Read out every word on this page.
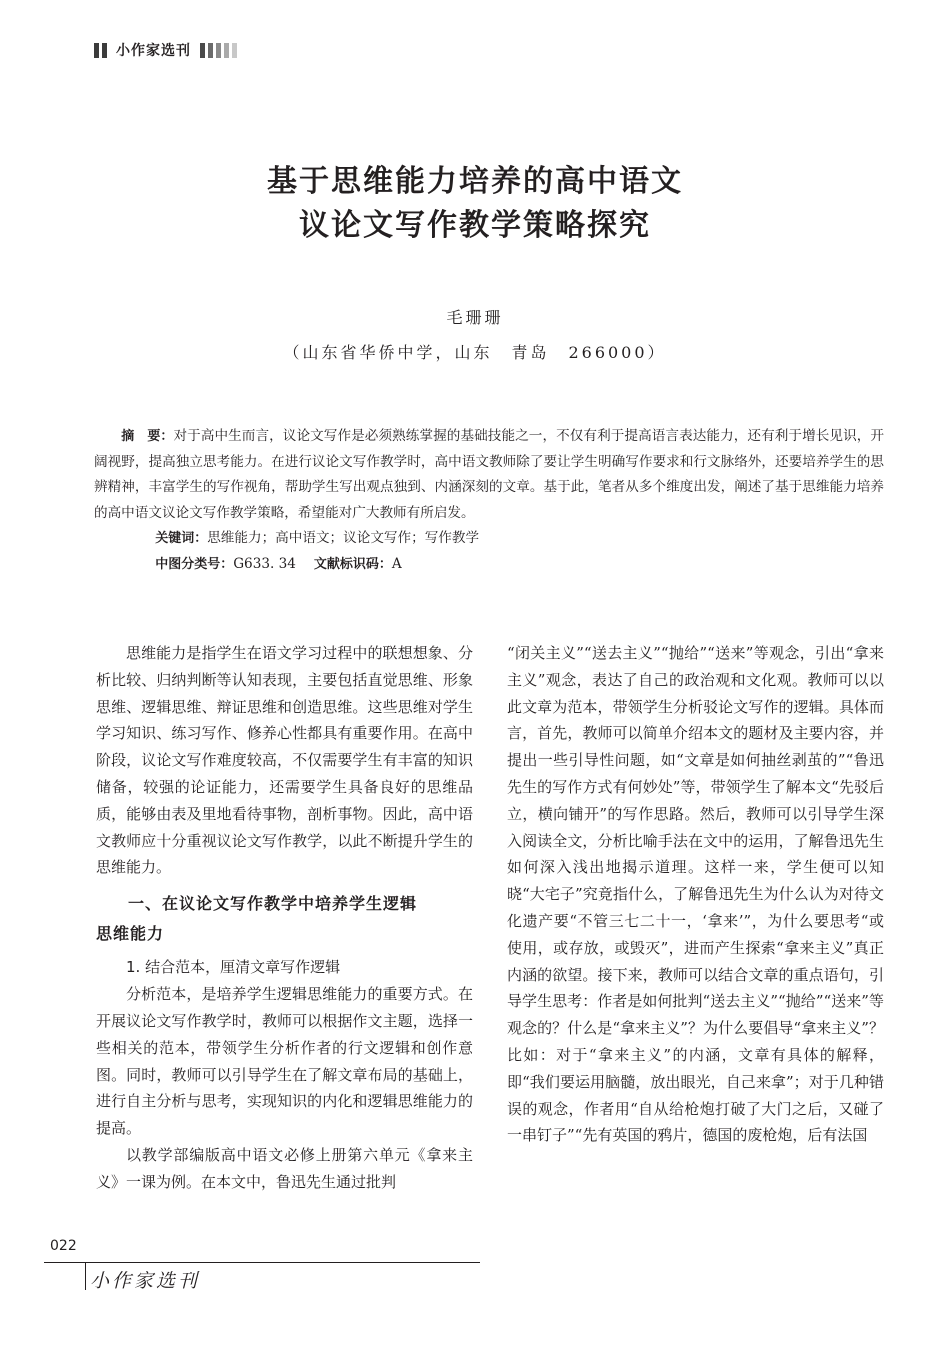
小作家选刊
基于思维能力培养的高中语文
议论文写作教学策略探究
毛珊珊
（山东省华侨中学，山东　青岛　266000）

摘　要：对于高中生而言，议论文写作是必须熟练掌握的基础技能之一，不仅有利于提高语言表达能力，还有利于增长见识，开阔视野，提高独立思考能力。在进行议论文写作教学时，高中语文教师除了要让学生明确写作要求和行文脉络外，还要培养学生的思辨精神，丰富学生的写作视角，帮助学生写出观点独到、内涵深刻的文章。基于此，笔者从多个维度出发，阐述了基于思维能力培养的高中语文议论文写作教学策略，希望能对广大教师有所启发。

关键词：思维能力；高中语文；议论文写作；写作教学

中图分类号：G633. 34　 文献标识码：A

思维能力是指学生在语文学习过程中的联想想象、分析比较、归纳判断等认知表现，主要包括直觉思维、形象思维、逻辑思维、辩证思维和创造思维。这些思维对学生学习知识、练习写作、修养心性都具有重要作用。在高中阶段，议论文写作难度较高，不仅需要学生有丰富的知识储备，较强的论证能力，还需要学生具备良好的思维品质，能够由表及里地看待事物，剖析事物。因此，高中语文教师应十分重视议论文写作教学，以此不断提升学生的思维能力。

一、在议论文写作教学中培养学生逻辑
思维能力

1. 结合范本，厘清文章写作逻辑

分析范本，是培养学生逻辑思维能力的重要方式。在开展议论文写作教学时，教师可以根据作文主题，选择一些相关的范本，带领学生分析作者的行文逻辑和创作意图。同时，教师可以引导学生在了解文章布局的基础上，进行自主分析与思考，实现知识的内化和逻辑思维能力的提高。

以教学部编版高中语文必修上册第六单元《拿来主义》一课为例。在本文中，鲁迅先生通过批判

“闭关主义”“送去主义”“抛给”“送来”等观念，引出“拿来主义”观念，表达了自己的政治观和文化观。教师可以以此文章为范本，带领学生分析驳论文写作的逻辑。具体而言，首先，教师可以简单介绍本文的题材及主要内容，并提出一些引导性问题，如“文章是如何抽丝剥茧的”“鲁迅先生的写作方式有何妙处”等，带领学生了解本文“先驳后立，横向铺开”的写作思路。然后，教师可以引导学生深入阅读全文，分析比喻手法在文中的运用，了解鲁迅先生如何深入浅出地揭示道理。这样一来，学生便可以知晓“大宅子”究竟指什么，了解鲁迅先生为什么认为对待文化遗产要“不管三七二十一，‘拿来’”，为什么要思考“或使用，或存放，或毁灭”，进而产生探索“拿来主义”真正内涵的欲望。接下来，教师可以结合文章的重点语句，引导学生思考：作者是如何批判“送去主义”“抛给”“送来”等观念的？什么是“拿来主义”？为什么要倡导“拿来主义”？比如：对于“拿来主义”的内涵，文章有具体的解释，即“我们要运用脑髓，放出眼光，自己来拿”；对于几种错误的观念，作者用“自从给枪炮打破了大门之后，又碰了一串钉子”“先有英国的鸦片，德国的废枪炮，后有法国

022
小作家选刊
